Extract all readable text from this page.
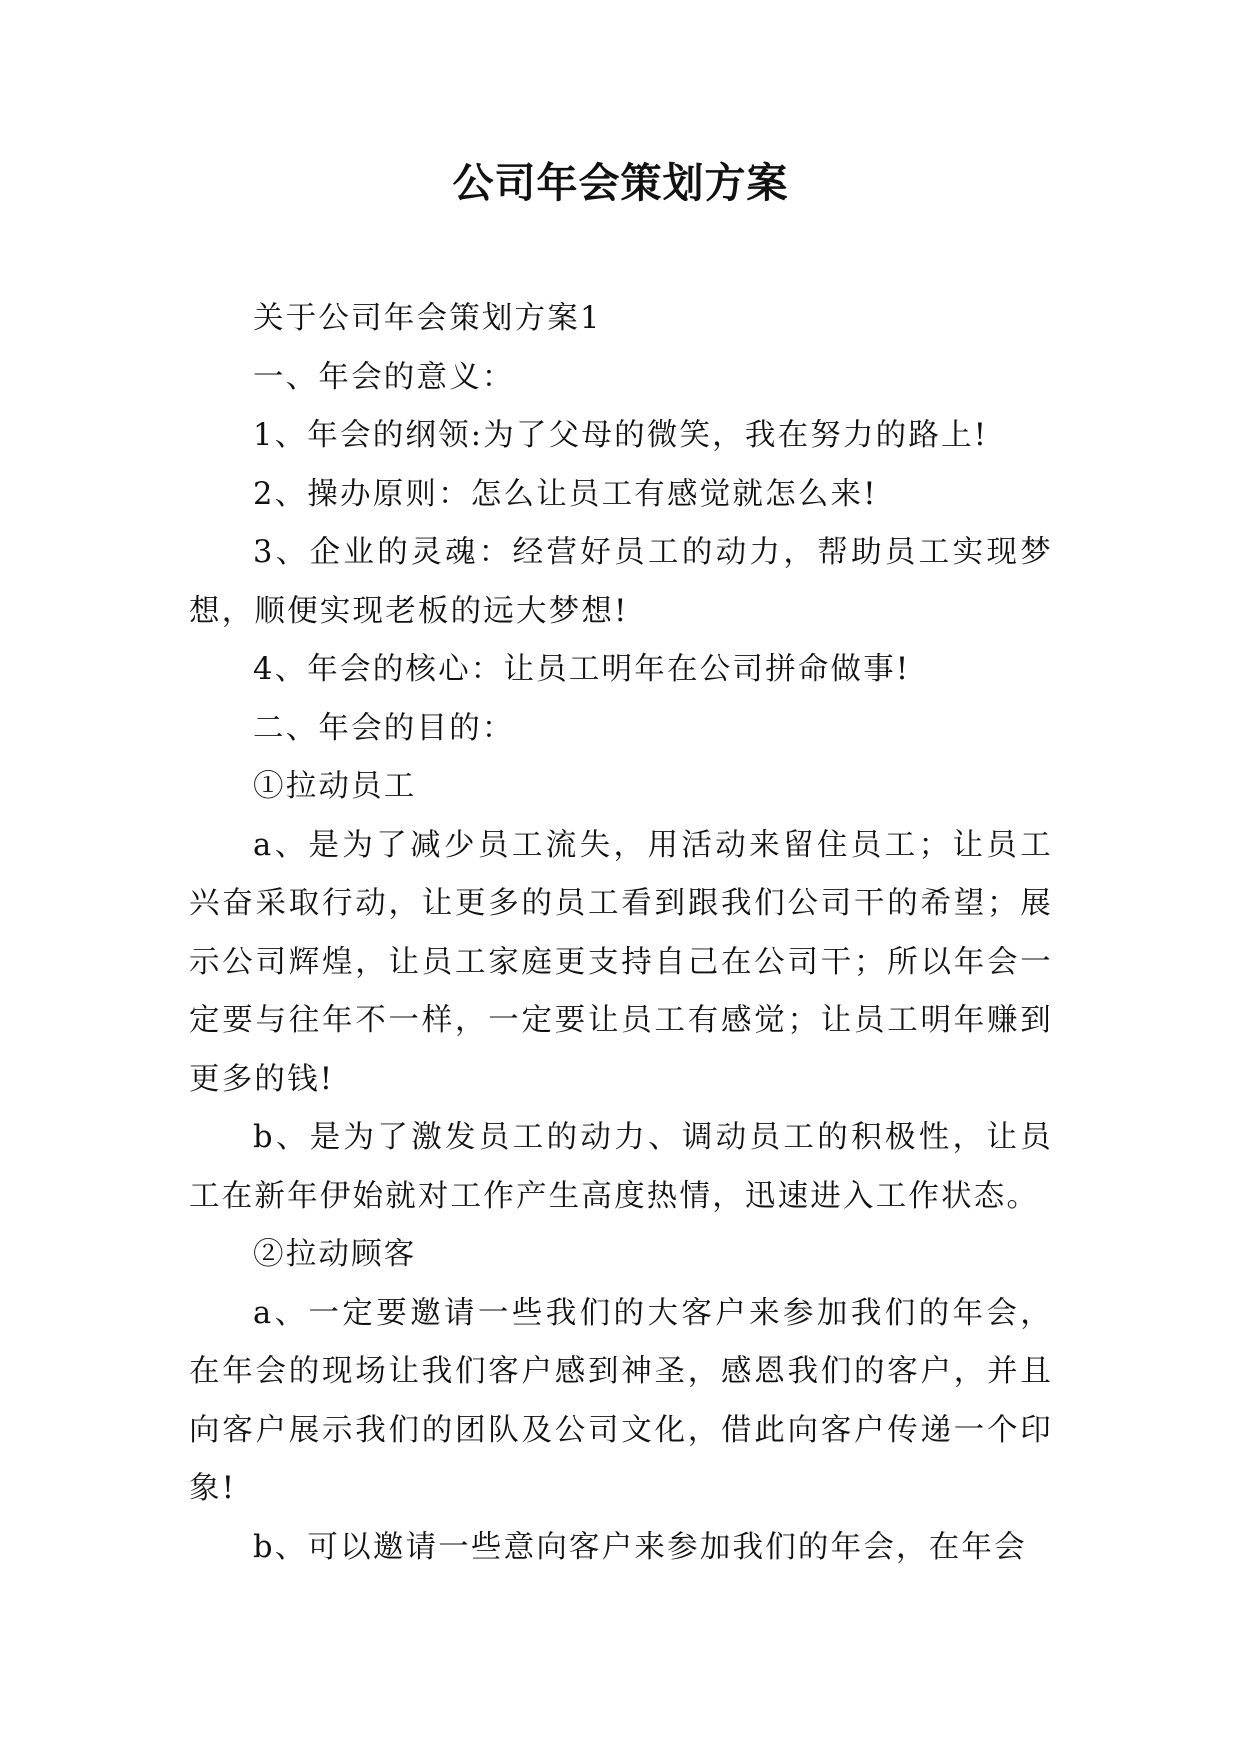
公司年会策划方案

关于公司年会策划方案1

一、年会的意义：

1、年会的纲领:为了父母的微笑，我在努力的路上!

2、操办原则：怎么让员工有感觉就怎么来!

3、企业的灵魂：经营好员工的动力，帮助员工实现梦想，顺便实现老板的远大梦想!

4、年会的核心：让员工明年在公司拼命做事!

二、年会的目的：

①拉动员工

a、是为了减少员工流失，用活动来留住员工；让员工兴奋采取行动，让更多的员工看到跟我们公司干的希望；展示公司辉煌，让员工家庭更支持自己在公司干；所以年会一定要与往年不一样，一定要让员工有感觉；让员工明年赚到更多的钱!

b、是为了激发员工的动力、调动员工的积极性，让员工在新年伊始就对工作产生高度热情，迅速进入工作状态。

②拉动顾客

a、一定要邀请一些我们的大客户来参加我们的年会，在年会的现场让我们客户感到神圣，感恩我们的客户，并且向客户展示我们的团队及公司文化，借此向客户传递一个印象!

b、可以邀请一些意向客户来参加我们的年会，在年会
